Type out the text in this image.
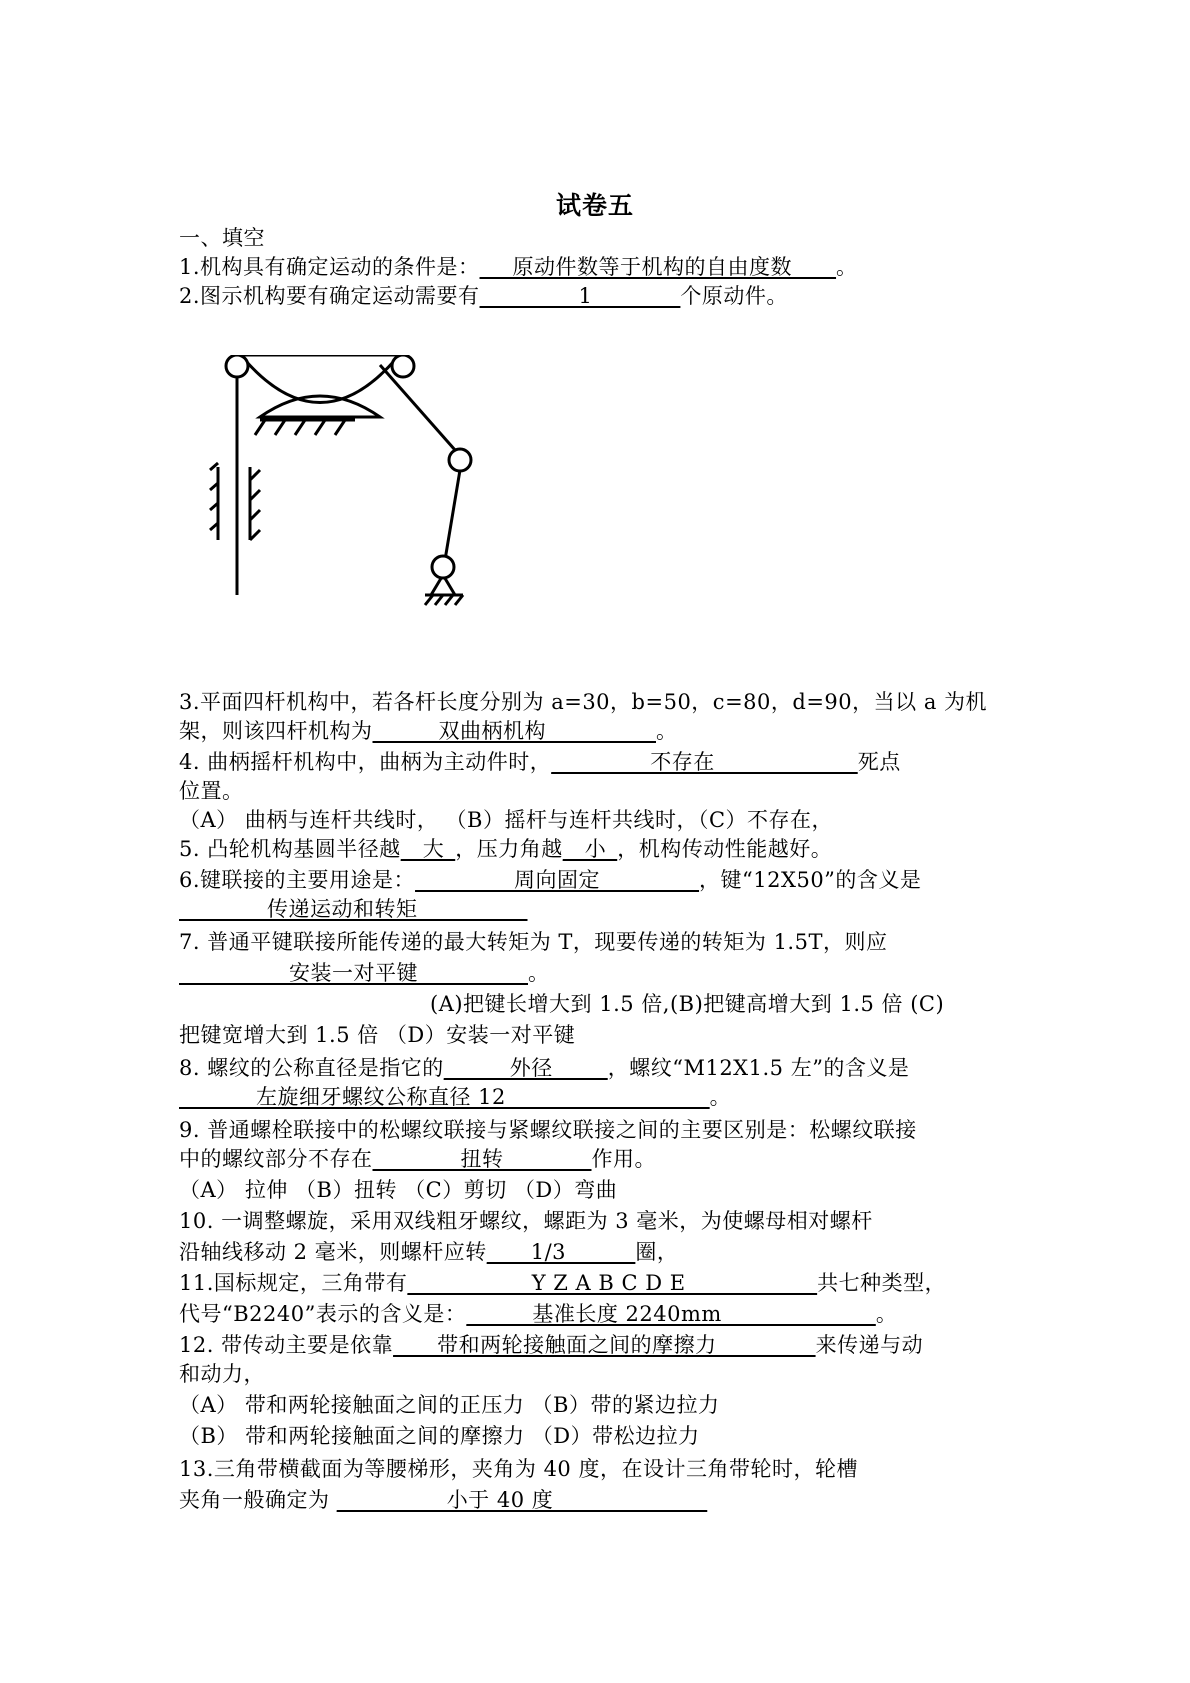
试卷五
一、填空
1.机构具有确定运动的条件是：___原动件数等于机构的自由度数____。
2.图示机构要有确定运动需要有_________1________个原动件。
3.平面四杆机构中，若各杆长度分别为 a=30，b=50，c=80，d=90，当以 a 为机
架，则该四杆机构为______双曲柄机构__________。
4. 曲柄摇杆机构中，曲柄为主动件时，_________不存在_____________死点
位置。
（A） 曲柄与连杆共线时， （B）摇杆与连杆共线时，（C）不存在，
5. 凸轮机构基圆半径越__大_，压力角越__小_，机构传动性能越好。
6.键联接的主要用途是：_________周向固定_________，键“12X50”的含义是
________传递运动和转矩__________
7. 普通平键联接所能传递的最大转矩为 T，现要传递的转矩为 1.5T，则应
__________安装一对平键__________。
(A)把键长增大到 1.5 倍,(B)把键高增大到 1.5 倍 (C)
把键宽增大到 1.5 倍 （D）安装一对平键
8. 螺纹的公称直径是指它的______外径_____，螺纹“M12X1.5 左”的含义是
_______左旋细牙螺纹公称直径 12          ____________。
9. 普通螺栓联接中的松螺纹联接与紧螺纹联接之间的主要区别是：松螺纹联接
中的螺纹部分不存在________扭转________作用。
（A） 拉伸 （B）扭转 （C）剪切 （D）弯曲
10. 一调整螺旋，采用双线粗牙螺纹，螺距为 3 毫米，为使螺母相对螺杆
沿轴线移动 2 毫米，则螺杆应转____1/3  _____圈，
11.国标规定，三角带有__________  Y Z A B C D E   __________共七种类型，
代号“B2240”表示的含义是：______基准长度 2240mm______________。
12. 带传动主要是依靠____带和两轮接触面之间的摩擦力_________来传递与动
和动力，
（A） 带和两轮接触面之间的正压力 （B）带的紧边拉力
（B） 带和两轮接触面之间的摩擦力 （D）带松边拉力
13.三角带横截面为等腰梯形，夹角为 40 度，在设计三角带轮时，轮槽
夹角一般确定为 __________小于 40 度______________
